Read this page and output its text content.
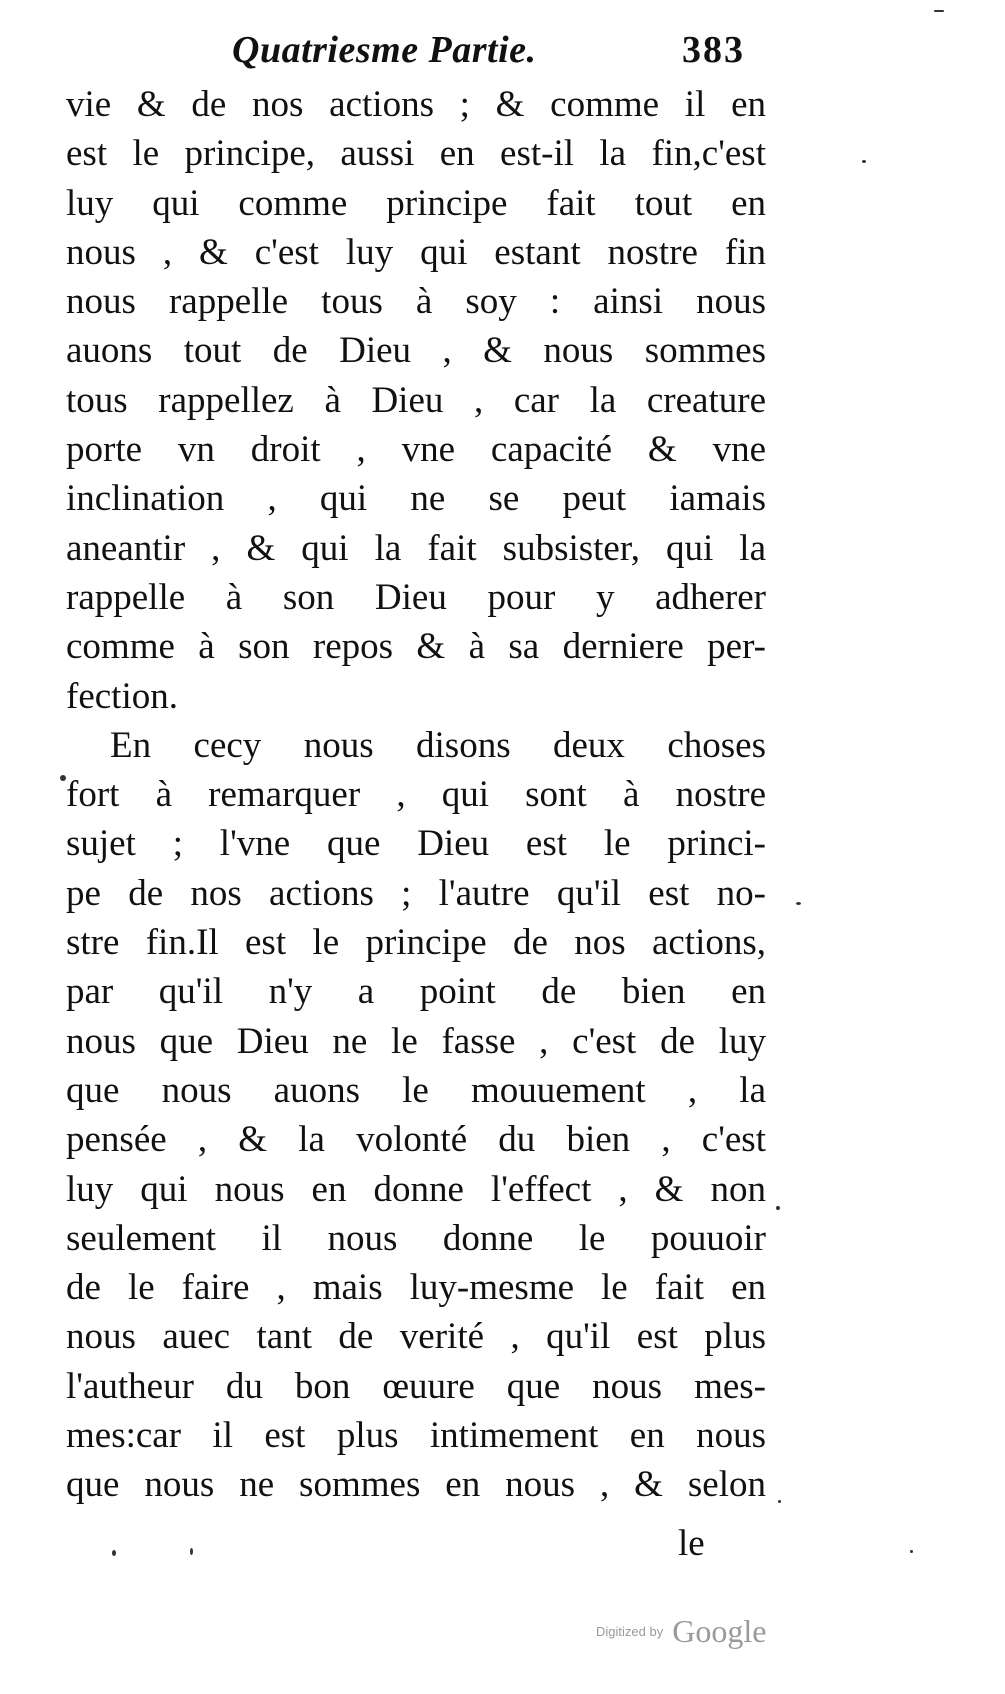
Quatriesme Partie.	383
vie & de nos actions ; & comme il en
est le principe, aussi en est-il la fin,c'est
luy qui comme principe fait tout en
nous , & c'est luy qui estant nostre fin
nous rappelle tous à soy : ainsi nous
auons tout de Dieu , & nous sommes
tous rappellez à Dieu , car la creature
porte vn droit , vne capacité & vne
inclination , qui ne se peut iamais
aneantir , & qui la fait subsister, qui la
rappelle à son Dieu pour y adherer
comme à son repos & à sa derniere per-
fection.
En cecy nous disons deux choses
fort à remarquer , qui sont à nostre
sujet ; l'vne que Dieu est le princi-
pe de nos actions ; l'autre qu'il est no-
stre fin.Il est le principe de nos actions,
par qu'il n'y a point de bien en
nous que Dieu ne le fasse , c'est de luy
que nous auons le mouuement , la
pensée , & la volonté du bien , c'est
luy qui nous en donne l'effect , & non
seulement il nous donne le pouuoir
de le faire , mais luy-mesme le fait en
nous auec tant de verité , qu'il est plus
l'autheur du bon œuure que nous mes-
mes:car il est plus intimement en nous
que nous ne sommes en nous , & selon
le
Digitized by Google
